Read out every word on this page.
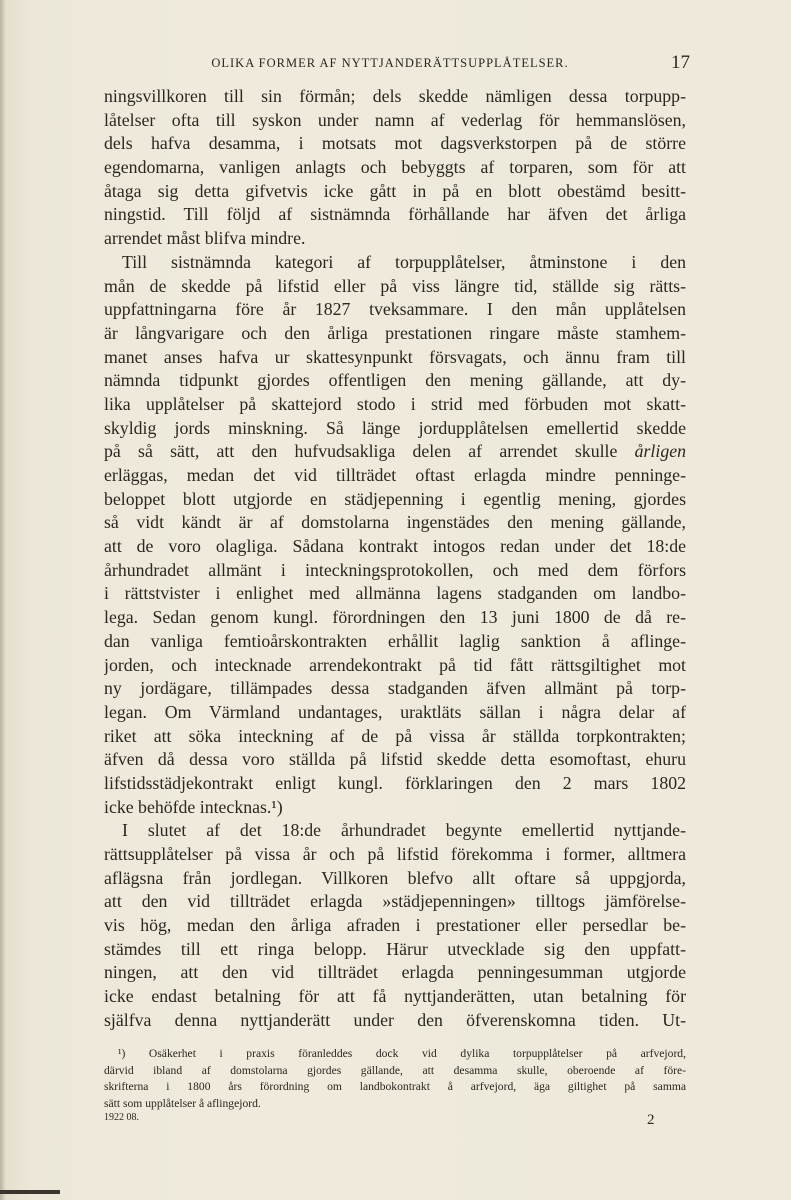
OLIKA FORMER AF NYTTJANDERÄTTSUPPLÅTELSER.	17
ningsvillkoren till sin förmån; dels skedde nämligen dessa torpupp-
låtelser ofta till syskon under namn af vederlag för hemmanslösen,
dels hafva desamma, i motsats mot dagsverkstorpen på de större
egendomarna, vanligen anlagts och bebyggts af torparen, som för att
åtaga sig detta gifvetvis icke gått in på en blott obestämd besitt-
ningstid. Till följd af sistnämnda förhållande har äfven det årliga
arrendet måst blifva mindre.
Till sistnämnda kategori af torpupplåtelser, åtminstone i den
mån de skedde på lifstid eller på viss längre tid, ställde sig rätts-
uppfattningarna före år 1827 tveksammare. I den mån upplåtelsen
är långvarigare och den årliga prestationen ringare måste stamhem-
manet anses hafva ur skattesynpunkt försvagats, och ännu fram till
nämnda tidpunkt gjordes offentligen den mening gällande, att dy-
lika upplåtelser på skattejord stodo i strid med förbuden mot skatt-
skyldig jords minskning. Så länge jordupplåtelsen emellertid skedde
på så sätt, att den hufvudsakliga delen af arrendet skulle årligen
erläggas, medan det vid tillträdet oftast erlagda mindre penninge-
beloppet blott utgjorde en städjepenning i egentlig mening, gjordes
så vidt kändt är af domstolarna ingenstädes den mening gällande,
att de voro olagliga. Sådana kontrakt intogos redan under det 18:de
århundradet allmänt i inteckningsprotokollen, och med dem förfors
i rättstvister i enlighet med allmänna lagens stadganden om landbo-
lega. Sedan genom kungl. förordningen den 13 juni 1800 de då re-
dan vanliga femtioårskontrakten erhållit laglig sanktion å aflinge-
jorden, och intecknade arrendekontrakt på tid fått rättsgiltighet mot
ny jordägare, tillämpades dessa stadganden äfven allmänt på torp-
legan. Om Värmland undantages, uraktläts sällan i några delar af
riket att söka inteckning af de på vissa år ställda torpkontrakten;
äfven då dessa voro ställda på lifstid skedde detta esomoftast, ehuru
lifstidsstädjekontrakt enligt kungl. förklaringen den 2 mars 1802
icke behöfde intecknas.¹)
I slutet af det 18:de århundradet begynte emellertid nyttjande-
rättsupplåtelser på vissa år och på lifstid förekomma i former, alltmera
aflägsna från jordlegan. Villkoren blefvo allt oftare så uppgjorda,
att den vid tillträdet erlagda »städjepenningen» tilltogs jämförelse-
vis hög, medan den årliga afraden i prestationer eller persedlar be-
stämdes till ett ringa belopp. Härur utvecklade sig den uppfatt-
ningen, att den vid tillträdet erlagda penningesumman utgjorde
icke endast betalning för att få nyttjanderätten, utan betalning för
själfva denna nyttjanderätt under den öfverenskomna tiden. Ut-
¹) Osäkerhet i praxis föranleddes dock vid dylika torpupplåtelser på arfvejord,
därvid ibland af domstolarna gjordes gällande, att desamma skulle, oberoende af före-
skrifterna i 1800 års förordning om landbokontrakt å arfvejord, äga giltighet på samma
sätt som upplåtelser å aflingejord.
1922 08.	2
